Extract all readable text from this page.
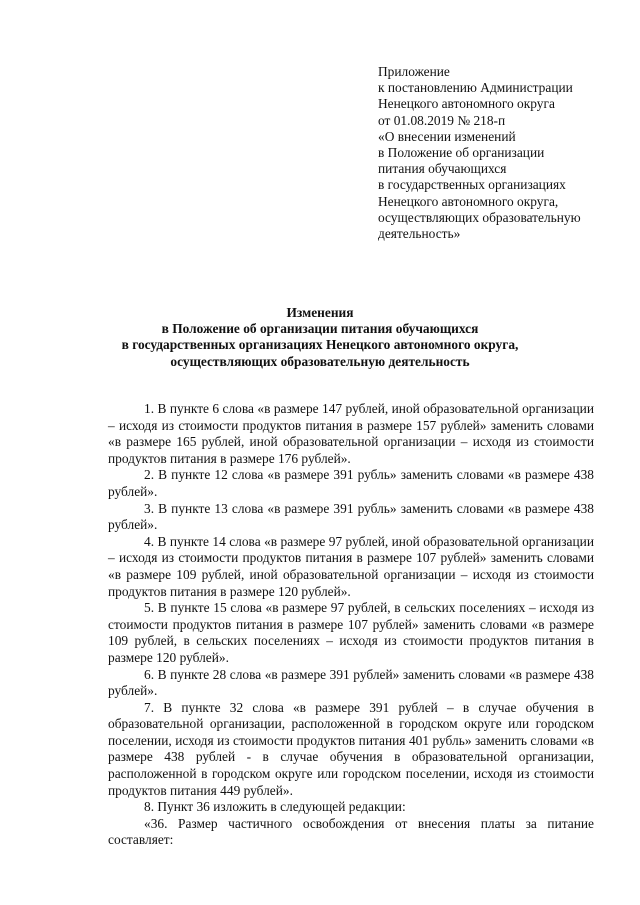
Приложение
к постановлению Администрации
Ненецкого автономного округа
от 01.08.2019 № 218-п
«О внесении изменений
в Положение об организации
питания обучающихся
в государственных организациях
Ненецкого автономного округа,
осуществляющих образовательную
деятельность»
Изменения
в Положение об организации питания обучающихся
в государственных организациях Ненецкого автономного округа,
осуществляющих образовательную деятельность

1. В пункте 6 слова «в размере 147 рублей, иной образовательной организации – исходя из стоимости продуктов питания в размере 157 рублей» заменить словами «в размере 165 рублей, иной образовательной организации – исходя из стоимости продуктов питания в размере 176 рублей».

2. В пункте 12 слова «в размере 391 рубль» заменить словами «в размере 438 рублей».

3. В пункте 13 слова «в размере 391 рубль» заменить словами «в размере 438 рублей».

4. В пункте 14 слова «в размере 97 рублей, иной образовательной организации – исходя из стоимости продуктов питания в размере 107 рублей» заменить словами «в размере 109 рублей, иной образовательной организации – исходя из стоимости продуктов питания в размере 120 рублей».

5. В пункте 15 слова «в размере 97 рублей, в сельских поселениях – исходя из стоимости продуктов питания в размере 107 рублей» заменить словами «в размере 109 рублей, в сельских поселениях – исходя из стоимости продуктов питания в размере 120 рублей».

6. В пункте 28 слова «в размере 391 рублей» заменить словами «в размере 438 рублей».

7. В пункте 32 слова «в размере 391 рублей – в случае обучения в образовательной организации, расположенной в городском округе или городском поселении, исходя из стоимости продуктов питания 401 рубль» заменить словами «в размере 438 рублей - в случае обучения в образовательной организации, расположенной в городском округе или городском поселении, исходя из стоимости продуктов питания 449 рублей».

8. Пункт 36 изложить в следующей редакции:

«36. Размер частичного освобождения от внесения платы за питание составляет:
